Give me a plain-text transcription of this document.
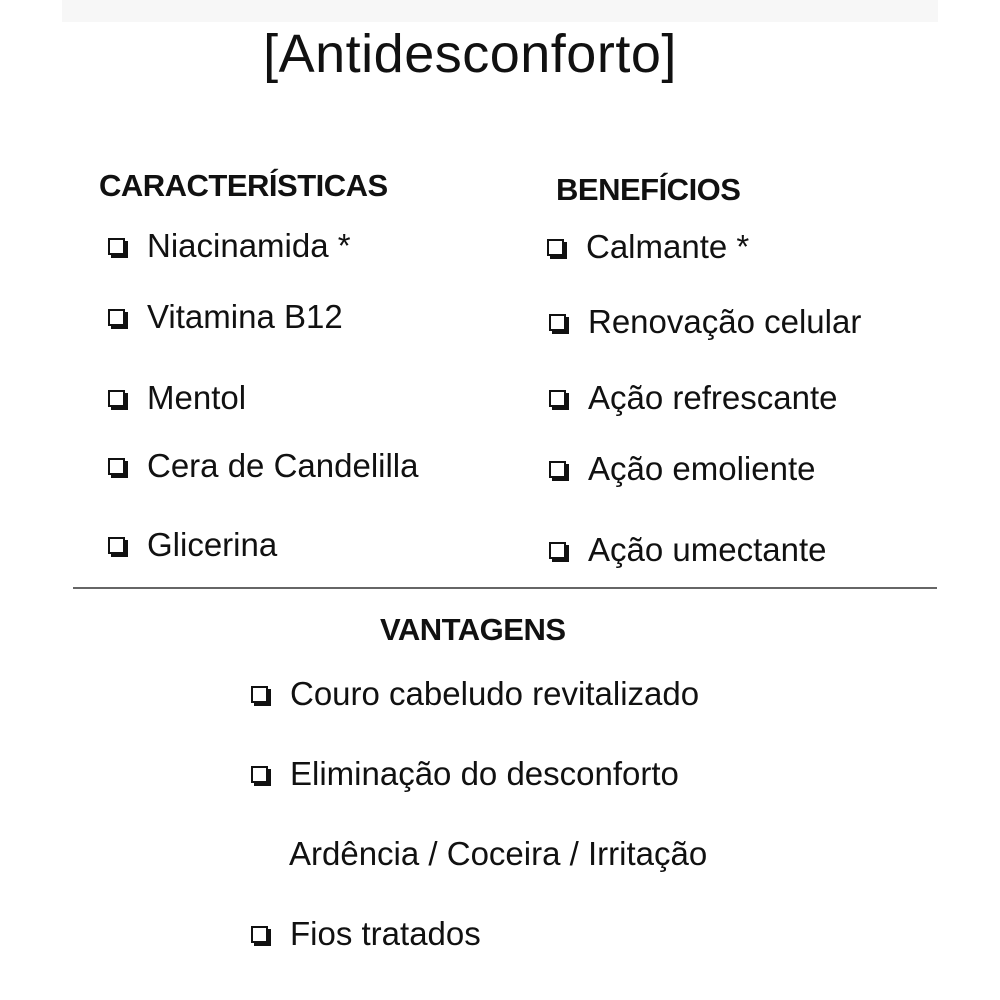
[Antidesconforto]
CARACTERÍSTICAS
Niacinamida *
Vitamina B12
Mentol
Cera de Candelilla
Glicerina
BENEFÍCIOS
Calmante *
Renovação celular
Ação refrescante
Ação emoliente
Ação umectante
VANTAGENS
Couro cabeludo revitalizado
Eliminação do desconforto
Ardência / Coceira / Irritação
Fios tratados
